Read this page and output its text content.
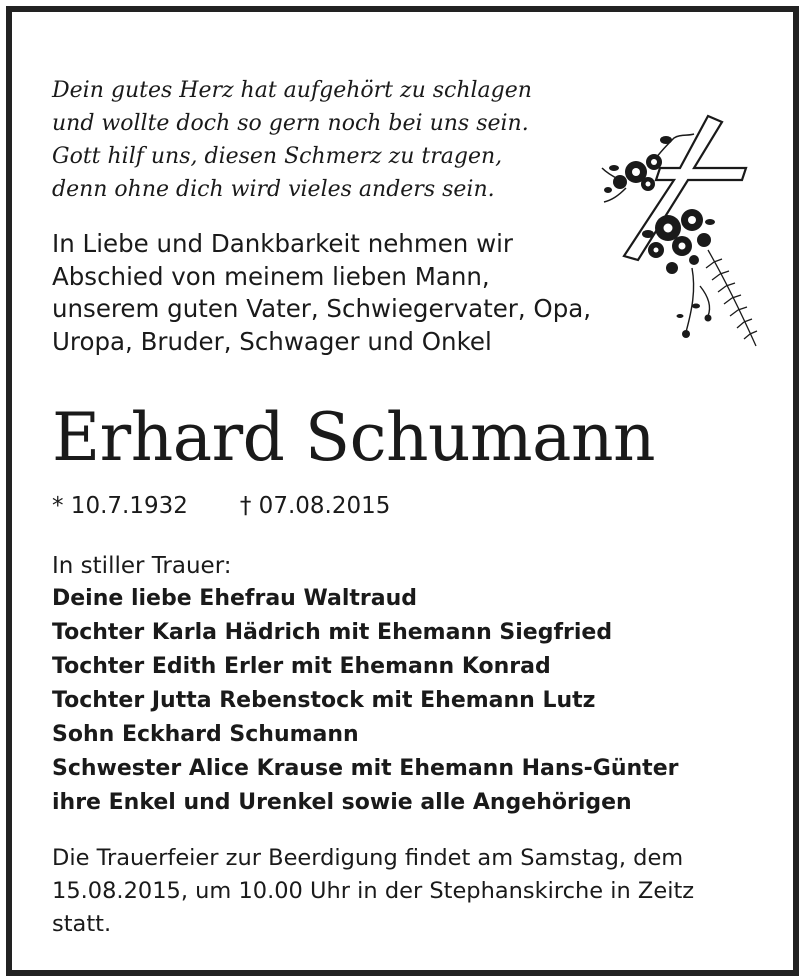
Dein gutes Herz hat aufgehört zu schlagen
und wollte doch so gern noch bei uns sein.
Gott hilf uns, diesen Schmerz zu tragen,
denn ohne dich wird vieles anders sein.
In Liebe und Dankbarkeit nehmen wir
Abschied von meinem lieben Mann,
unserem guten Vater, Schwiegervater, Opa,
Uropa, Bruder, Schwager und Onkel
Erhard Schumann
* 10.7.1932 † 07.08.2015
In stiller Trauer:
Deine liebe Ehefrau Waltraud
Tochter Karla Hädrich mit Ehemann Siegfried
Tochter Edith Erler mit Ehemann Konrad
Tochter Jutta Rebenstock mit Ehemann Lutz
Sohn Eckhard Schumann
Schwester Alice Krause mit Ehemann Hans-Günter
ihre Enkel und Urenkel sowie alle Angehörigen
Die Trauerfeier zur Beerdigung findet am Samstag, dem
15.08.2015, um 10.00 Uhr in der Stephanskirche in Zeitz
statt.
